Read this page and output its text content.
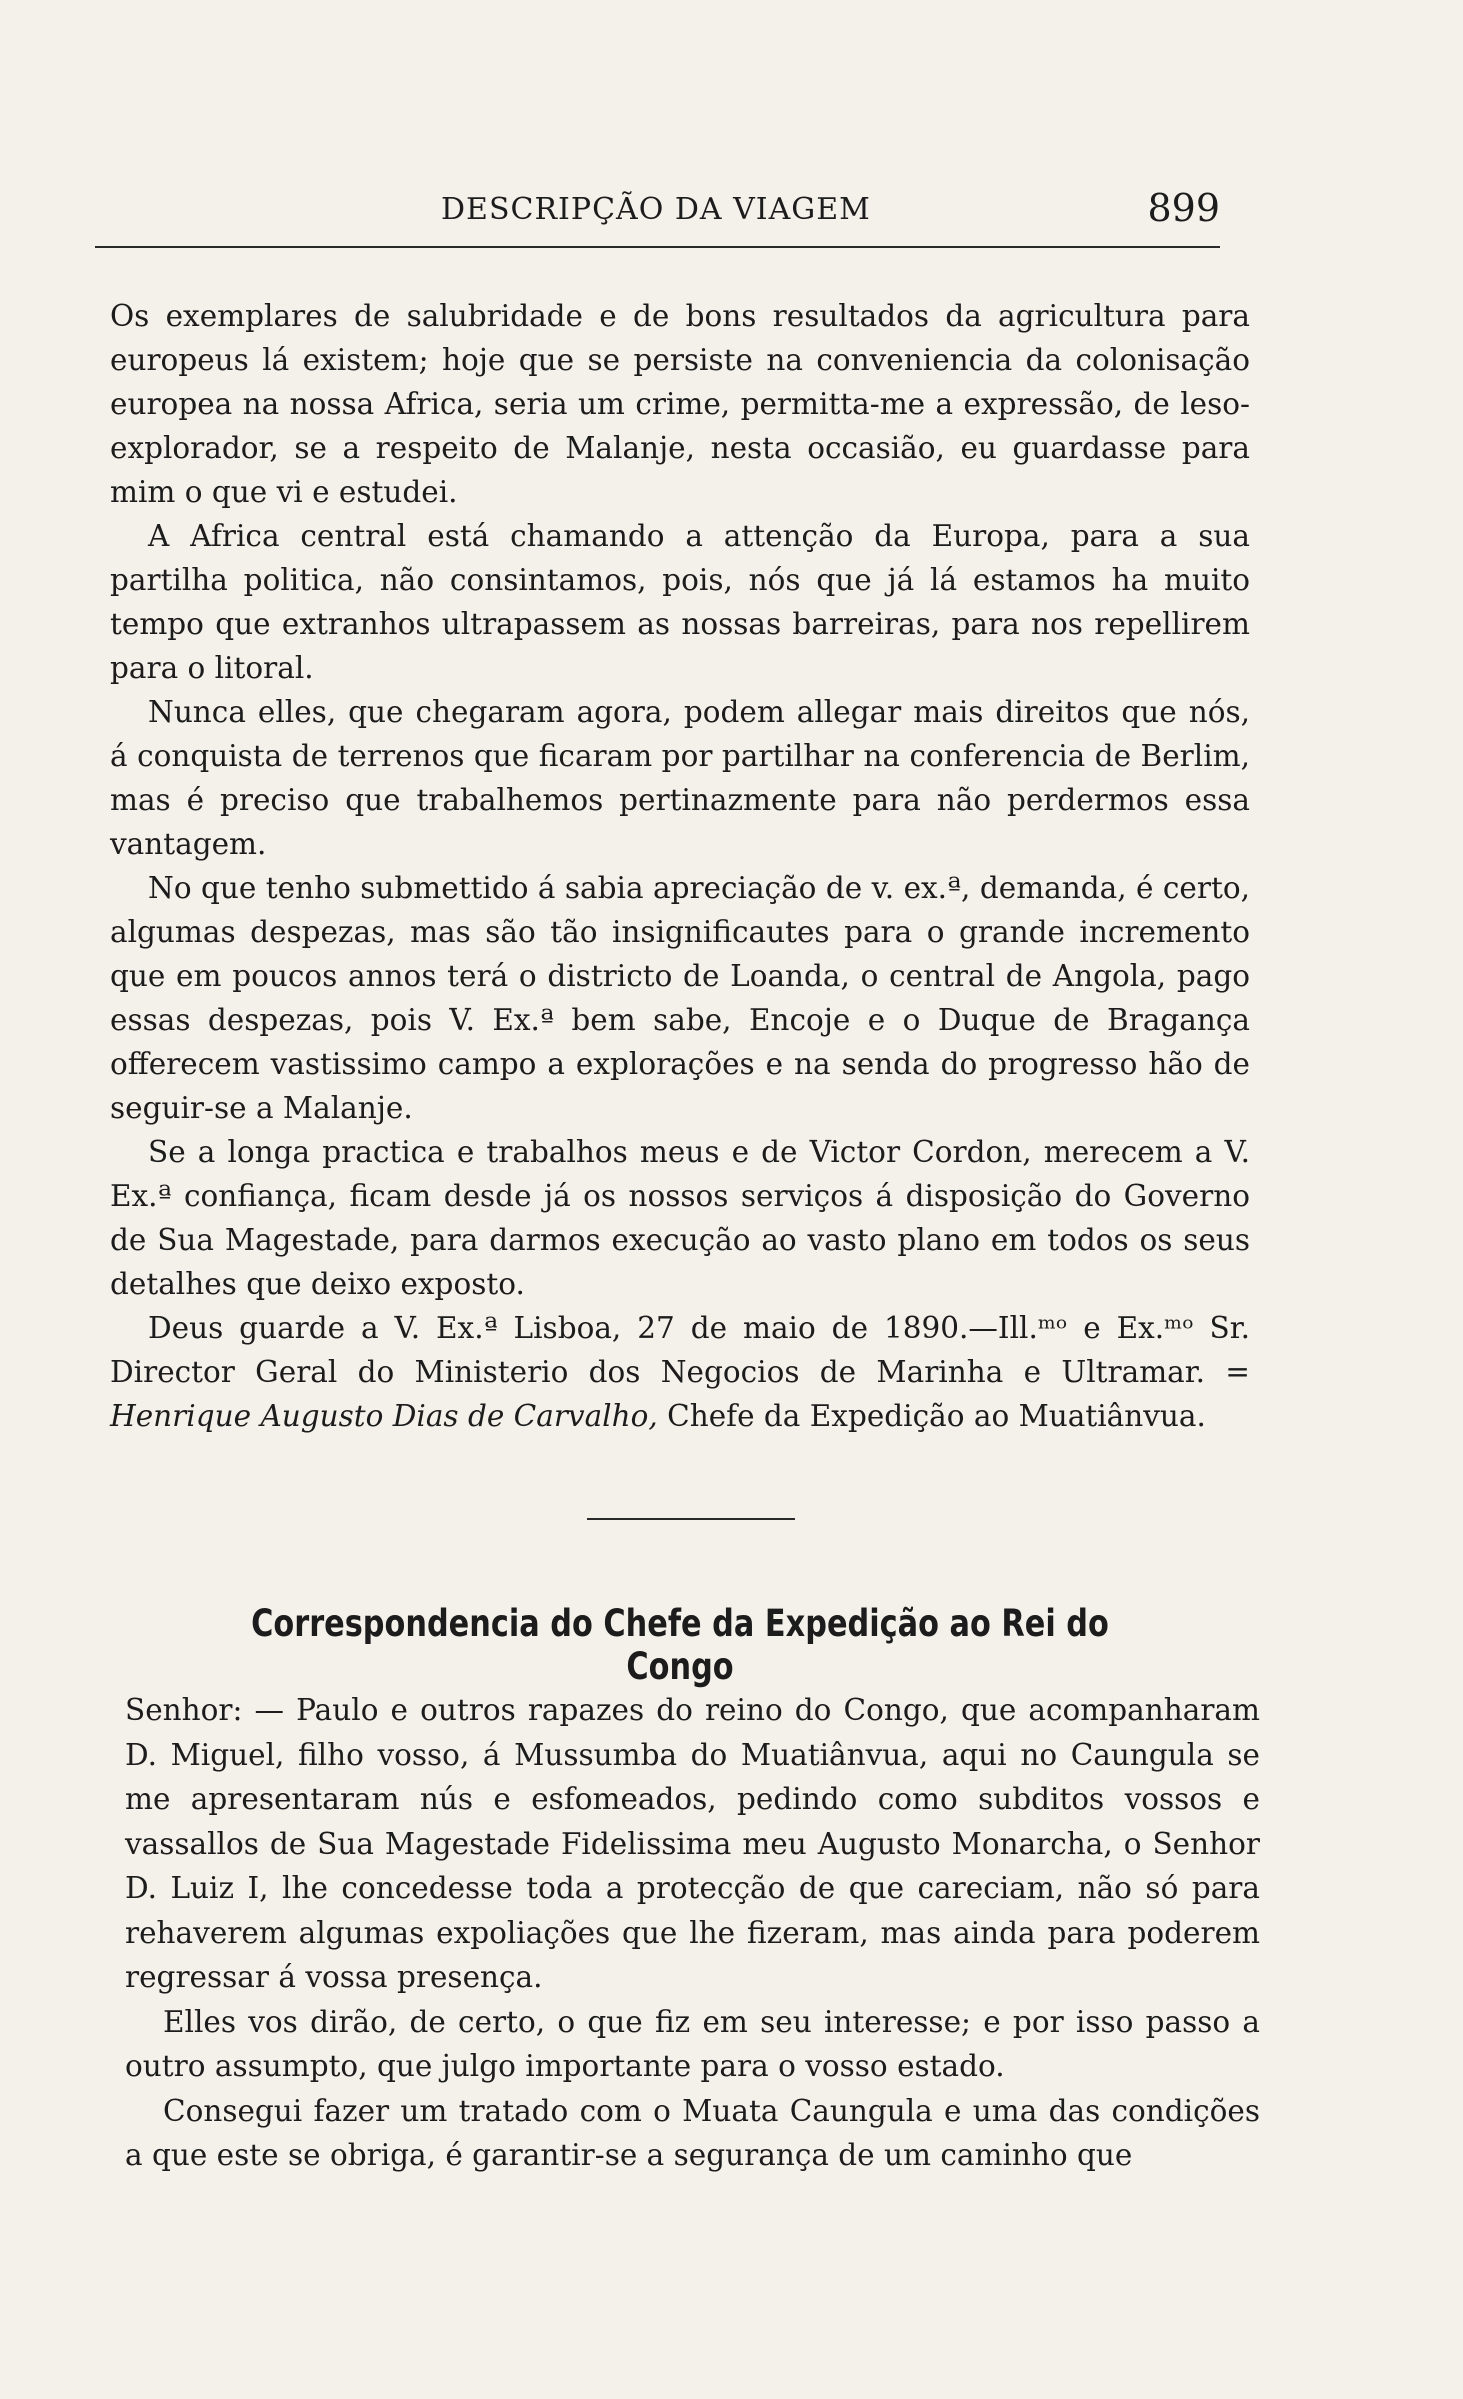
DESCRIPÇÃO DA VIAGEM	899

Os exemplares de salubridade e de bons resultados da agricultura para europeus lá existem; hoje que se persiste na conveniencia da colonisação europea na nossa Africa, seria um crime, permitta-me a expressão, de leso-explorador, se a respeito de Malanje, nesta occasião, eu guardasse para mim o que vi e estudei.

A Africa central está chamando a attenção da Europa, para a sua partilha politica, não consintamos, pois, nós que já lá estamos ha muito tempo que extranhos ultrapassem as nossas barreiras, para nos repellirem para o litoral.

Nunca elles, que chegaram agora, podem allegar mais direitos que nós, á conquista de terrenos que ficaram por partilhar na conferencia de Berlim, mas é preciso que trabalhemos pertinazmente para não perdermos essa vantagem.

No que tenho submettido á sabia apreciação de v. ex.ª, demanda, é certo, algumas despezas, mas são tão insignificautes para o grande incremento que em poucos annos terá o districto de Loanda, o central de Angola, pago essas despezas, pois V. Ex.ª bem sabe, Encoje e o Duque de Bragança offerecem vastissimo campo a explorações e na senda do progresso hão de seguir-se a Malanje.

Se a longa practica e trabalhos meus e de Victor Cordon, merecem a V. Ex.ª confiança, ficam desde já os nossos serviços á disposição do Governo de Sua Magestade, para darmos execução ao vasto plano em todos os seus detalhes que deixo exposto.

Deus guarde a V. Ex.ª Lisboa, 27 de maio de 1890.—Ill.ᵐᵒ e Ex.ᵐᵒ Sr. Director Geral do Ministerio dos Negocios de Marinha e Ultramar. = Henrique Augusto Dias de Carvalho, Chefe da Expedição ao Muatiânvua.

Correspondencia do Chefe da Expedição ao Rei do Congo

Senhor: — Paulo e outros rapazes do reino do Congo, que acompanharam D. Miguel, filho vosso, á Mussumba do Muatiânvua, aqui no Caungula se me apresentaram nús e esfomeados, pedindo como subditos vossos e vassallos de Sua Magestade Fidelissima meu Augusto Monarcha, o Senhor D. Luiz I, lhe concedesse toda a protecção de que careciam, não só para rehaverem algumas expoliações que lhe fizeram, mas ainda para poderem regressar á vossa presença.

Elles vos dirão, de certo, o que fiz em seu interesse; e por isso passo a outro assumpto, que julgo importante para o vosso estado.

Consegui fazer um tratado com o Muata Caungula e uma das condições a que este se obriga, é garantir-se a segurança de um caminho que
